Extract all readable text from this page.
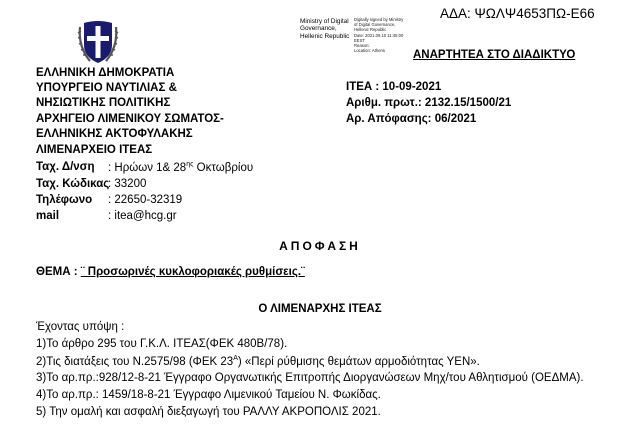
ΑΔΑ: ΨΩΛΨ4653ΠΩ-Ε66
Ministry of Digital
Governance,
Hellenic Republic
Digitally signed by Ministry
of Digital Governance,
Hellenic Republic
Date: 2021.09.10 11:45:00
EEST
Reason:
Location: Athens	ΑΝΑΡΤΗΤΕΑ ΣΤΟ ΔΙΑΔΙΚΤΥΟ
ΕΛΛΗΝΙΚΗ ΔΗΜΟΚΡΑΤΙΑ
ΥΠΟΥΡΓΕΙΟ ΝΑΥΤΙΛΙΑΣ &
ΝΗΣΙΩΤΙΚΗΣ ΠΟΛΙΤΙΚΗΣ
ΑΡΧΗΓΕΙΟ ΛΙΜΕΝΙΚΟΥ ΣΩΜΑΤΟΣ-
ΕΛΛΗΝΙΚΗΣ ΑΚΤΟΦΥΛΑΚΗΣ
ΛΙΜΕΝΑΡΧΕΙΟ ΙΤΕΑΣ
ΙΤΕΑ : 10-09-2021
Αριθμ. πρωτ.: 2132.15/1500/21
Αρ. Απόφασης: 06/2021
Ταχ. Δ/νση : Ηρώων 1& $28^{\eta\varsigma}$ Οκτωβρίου
Ταχ. Κώδικας
: 33200
Τηλέφωνο : 22650-32319
mail	: itea@hcg.gr
ΑΠΟΦΑΣΗ
ΘΕΜΑ : ¨ Προσωρινές κυκλοφοριακές ρυθμίσεις.¨
Ο ΛΙΜΕΝΑΡΧΗΣ ΙΤΕΑΣ
Έχοντας υπόψη :
1)Το άρθρο 295 του Γ.Κ.Λ. ΙΤΕΑΣ(ΦΕΚ 480Β/78).
2)Τις διατάξεις του Ν.2575/98 (ΦΕΚ $23^A$) «Περί ρύθμισης θεμάτων αρμοδιότητας ΥΕΝ».
3)Το αρ.πρ.:928/12-8-21 Έγγραφο Οργανωτικής Επιτροπής Διοργανώσεων Μηχ/του Αθλητισμού (ΟΕΔΜΑ).
4)Το αρ.πρ.: 1459/18-8-21 Έγγραφο Λιμενικού Ταμείου Ν. Φωκίδας.
5) Την ομαλή και ασφαλή διεξαγωγή του ΡΑΛΛΥ ΑΚΡΟΠΟΛΙΣ 2021.
